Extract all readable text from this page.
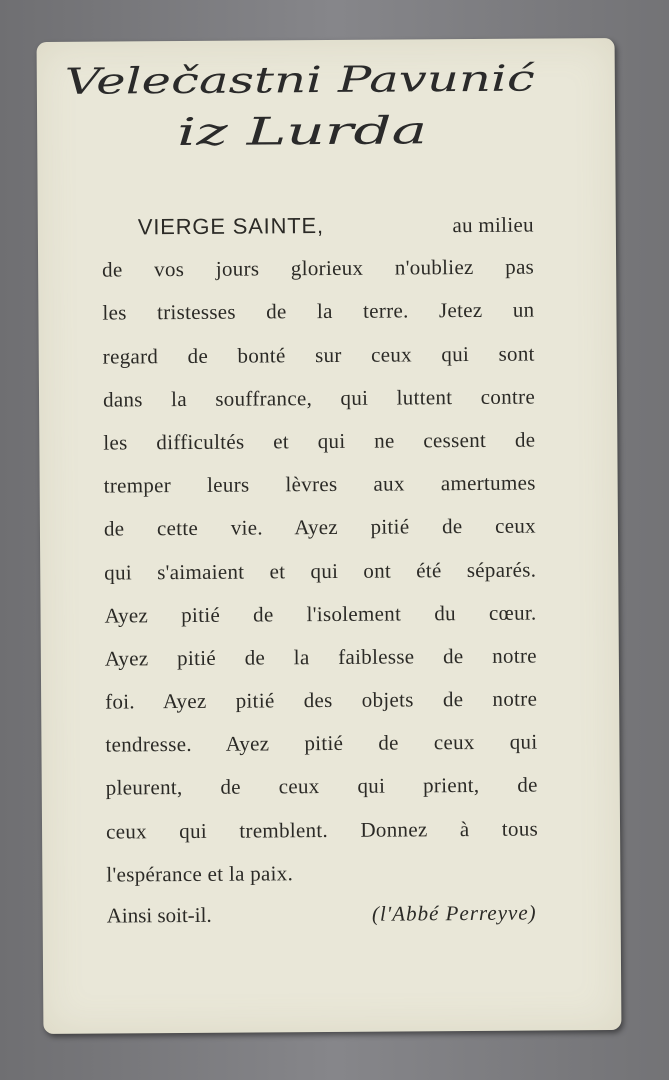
Velečastni Pavunić
iz Lurda
VIERGE SAINTE,	au milieu
de vos jours glorieux n'oubliez pas
les tristesses de la terre. Jetez un
regard de bonté sur ceux qui sont
dans la souffrance, qui luttent contre
les difficultés et qui ne cessent de
tremper leurs lèvres aux amertumes
de cette vie. Ayez pitié de ceux
qui s'aimaient et qui ont été séparés.
Ayez pitié de l'isolement du cœur.
Ayez pitié de la faiblesse de notre
foi. Ayez pitié des objets de notre
tendresse. Ayez pitié de ceux qui
pleurent, de ceux qui prient, de
ceux qui tremblent. Donnez à tous
l'espérance et la paix.
Ainsi soit-il.	(l'Abbé Perreyve)
